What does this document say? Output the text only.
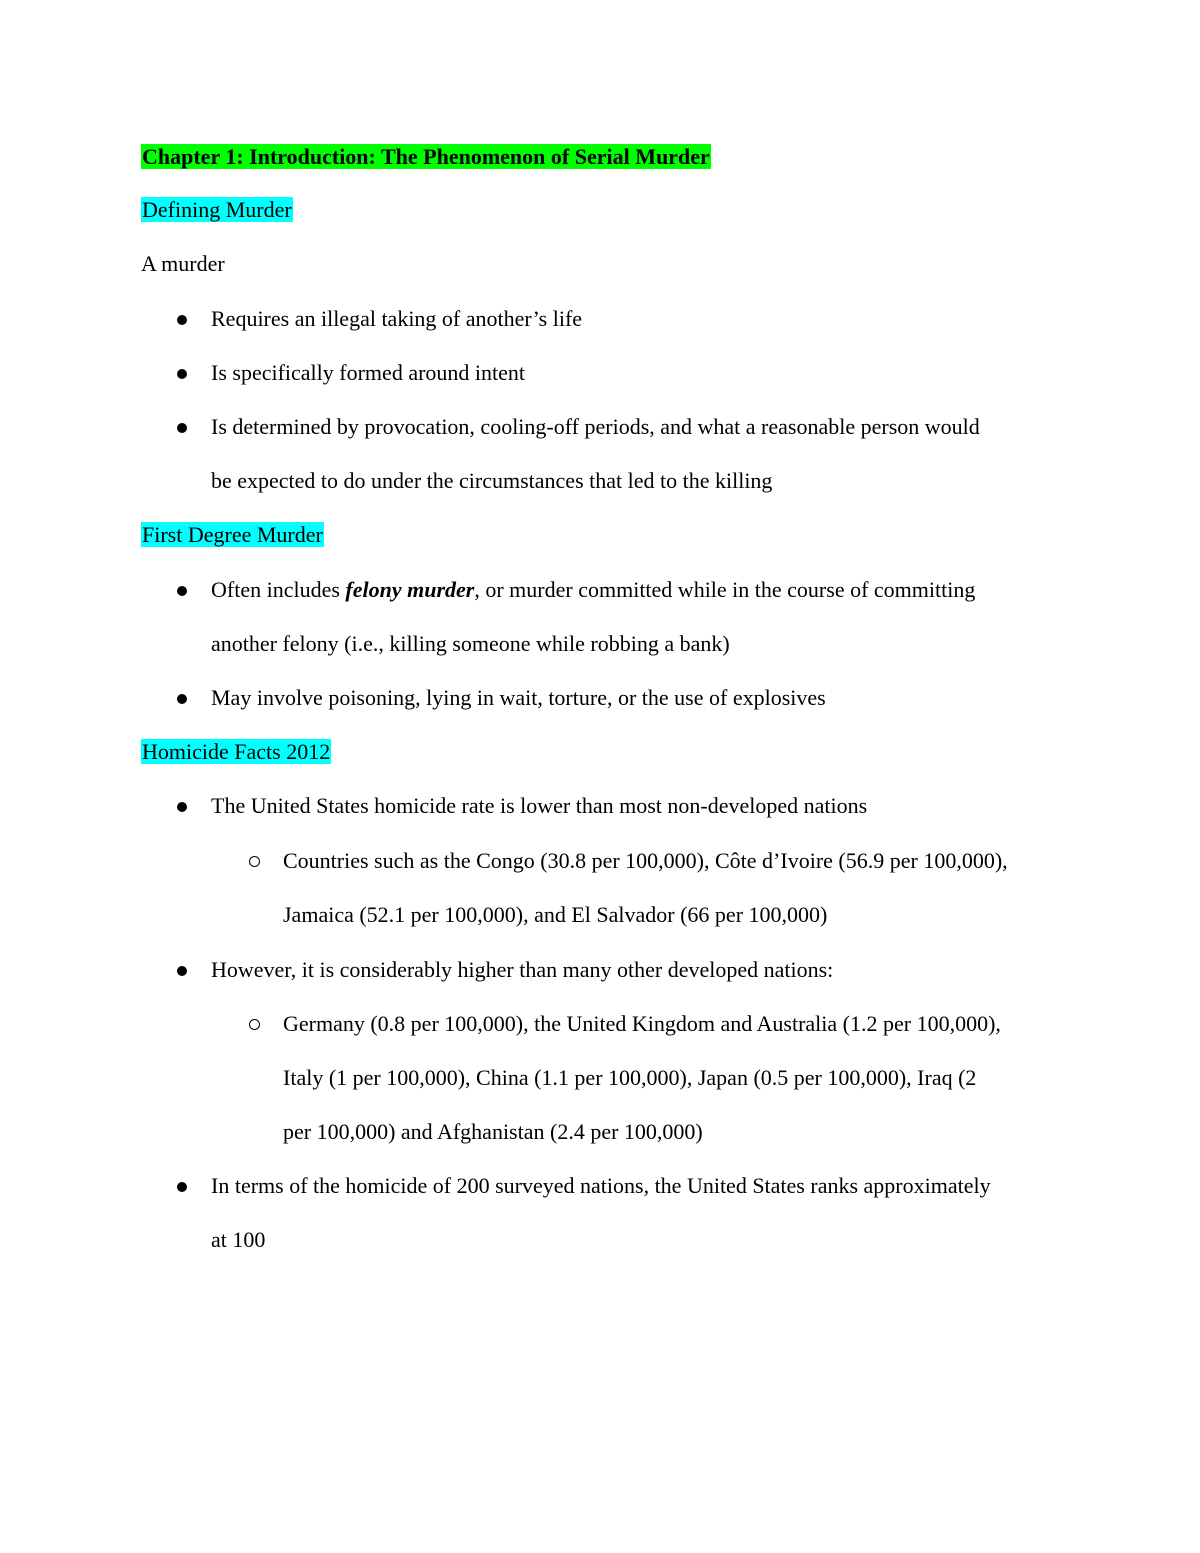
Chapter 1: Introduction: The Phenomenon of Serial Murder
Defining Murder
A murder
Requires an illegal taking of another’s life
Is specifically formed around intent
Is determined by provocation, cooling-off periods, and what a reasonable person would
be expected to do under the circumstances that led to the killing
First Degree Murder
Often includes felony murder, or murder committed while in the course of committing
another felony (i.e., killing someone while robbing a bank)
May involve poisoning, lying in wait, torture, or the use of explosives
Homicide Facts 2012
The United States homicide rate is lower than most non-developed nations
Countries such as the Congo (30.8 per 100,000), Côte d’Ivoire (56.9 per 100,000),
Jamaica (52.1 per 100,000), and El Salvador (66 per 100,000)
However, it is considerably higher than many other developed nations:
Germany (0.8 per 100,000), the United Kingdom and Australia (1.2 per 100,000),
Italy (1 per 100,000), China (1.1 per 100,000), Japan (0.5 per 100,000), Iraq (2
per 100,000) and Afghanistan (2.4 per 100,000)
In terms of the homicide of 200 surveyed nations, the United States ranks approximately
at 100
